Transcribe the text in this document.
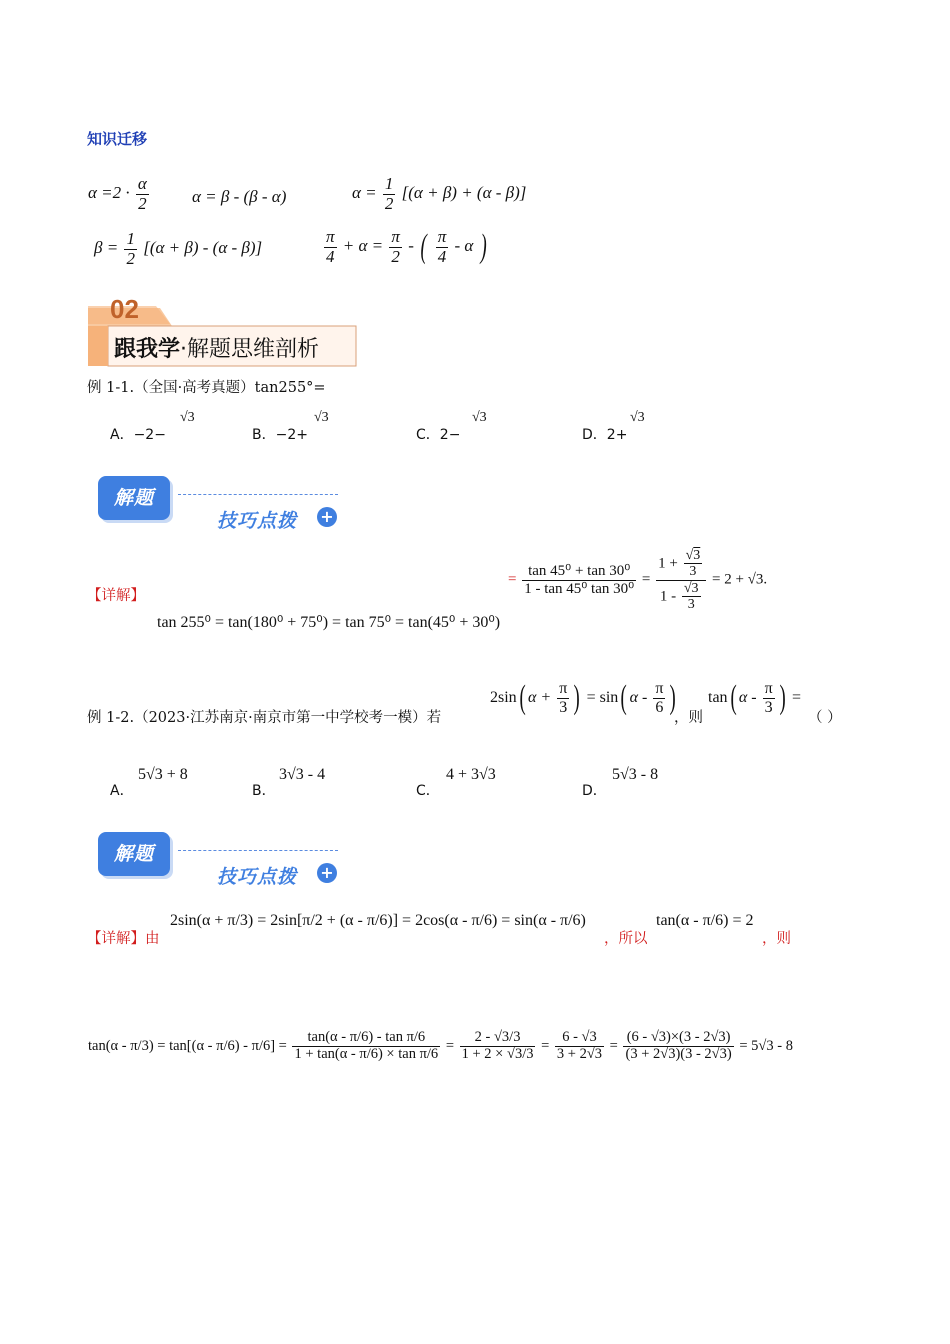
知识迁移
$\alpha =2 \cdot \frac{\alpha}{2}$	α = β - (β - α)	$\alpha = \frac{1}{2} [(\alpha + \beta) + (\alpha - \beta)]$
$\beta = \frac{1}{2} [(\alpha + \beta) - (\alpha - \beta)]$	$\frac{\pi}{4} + \alpha = \frac{\pi}{2}$ - ( $\frac{\pi}{4}$ - α )
02
跟我学·解题思维剖析
例 1-1.（全国·高考真题）tan255°=
A．−2−
√3
B．−2+
√3
C．2−
√3
D．2+
√3
解题
技巧点拨 +
【详解】
tan 255⁰ = tan(180⁰ + 75⁰) = tan 75⁰ = tan(45⁰ + 30⁰)
= $\frac{\text{tan 45⁰ + tan 30⁰}}{\text{1 - tan 45⁰ tan 30⁰}} = \frac{1 + \frac{√3}{3}}{1 - \frac{√3}{3}} = 2 + √3$.
例 1-2.（2023·江苏南京·南京市第一中学校考一模）若
2sin( $\alpha + \frac{\pi}{3}$ ) = sin( α - $\frac{\pi}{6}$ )
，则
tan( α - $\frac{\pi}{3}$ ) =
（ ）
A．
5√3 + 8
B．
3√3 - 4
C．
4 + 3√3
D．
5√3 - 8
解题
技巧点拨 +
【详解】由
2sin(α + π/3) = 2sin[π/2 + (α - π/6)] = 2cos(α - π/6) = sin(α - π/6)
，所以
tan(α - π/6) = 2
，则
$\tan(\alpha - \pi/3) = \tan[(\alpha - \pi/6) - \pi/6] = \frac{\text{tan(α - π/6) - tan π/6}}{\text{1 + tan(α - π/6) × tan π/6}} = \frac{2 - √3/3}{1 + 2 \times √3/3} = \frac{6 - √3}{3 + 2√3} = \frac{(6 - √3)\times(3 - 2√3)}{(3 + 2√3)(3 - 2√3)} = 5√3 - 8$
